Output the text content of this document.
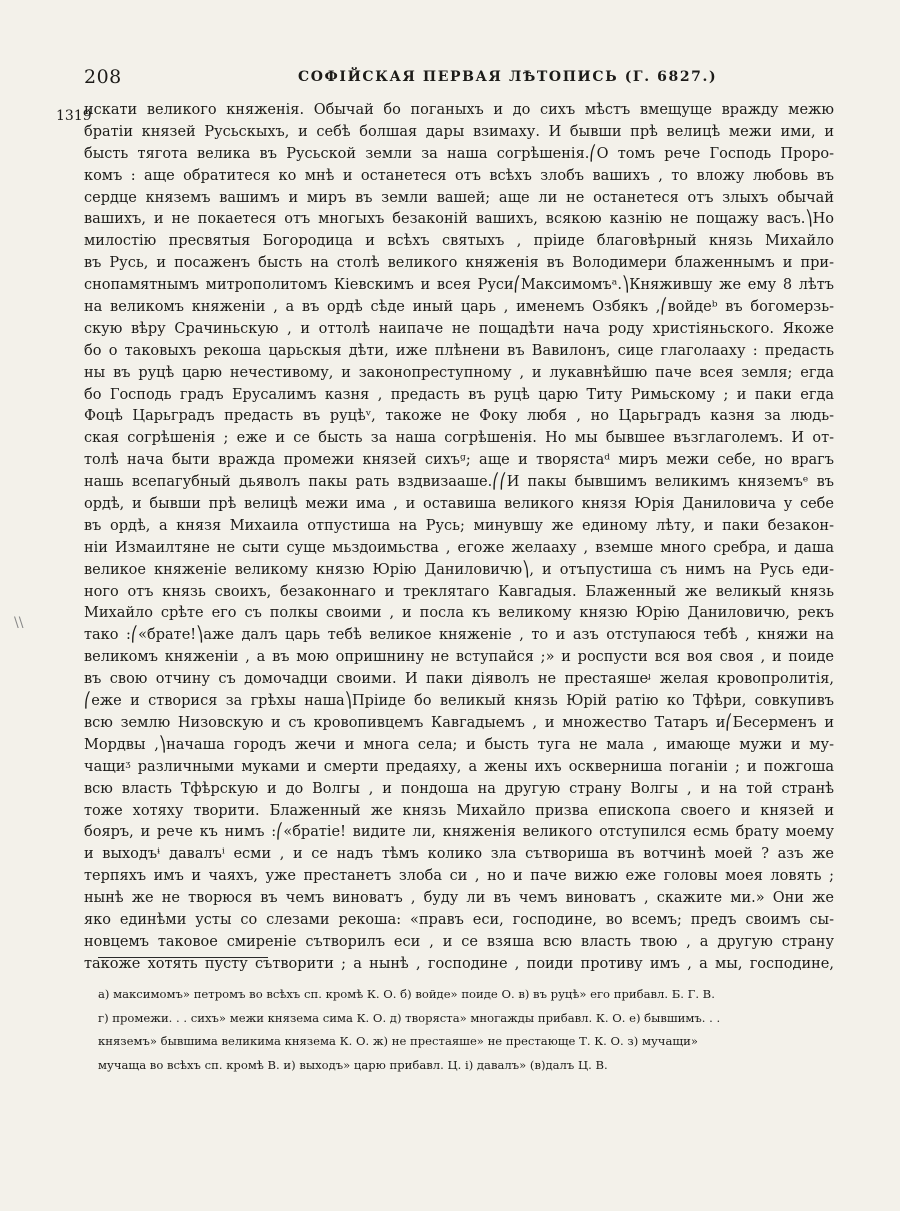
208	СОФІЙСКАЯ ПЕРВАЯ ЛѢТОПИСЬ (Г. 6827.)
1319
\\
искати великого княженія. Обычай бо поганыхъ и до сихъ мѣстъ вмещуще вражду межю
братіи князей Русьскыхъ, и себѣ болшая дары взимаху. И бывши прѣ велицѣ межи ими, и
бысть тягота велика въ Русьской земли за наша согрѣшенія.⎛О томъ рече Господь Проро-
комъ : аще обратитеся ко мнѣ и останетеся отъ всѣхъ злобъ вашихъ , то вложу любовь въ
сердце княземъ вашимъ и миръ въ земли вашей; аще ли не останетеся отъ злыхъ обычай
вашихъ, и не покаетеся отъ многыхъ безаконій вашихъ, всякою казнію не пощажу васъ.⎞Но
милостію пресвятыя Богородица и всѣхъ святыхъ , пріиде благовѣрный князь Михайло
въ Русь, и посаженъ бысть на столѣ великого княженія въ Володимери блаженнымъ и при-
снопамятнымъ митрополитомъ Кіевскимъ и всея Руси⎛Максимомъᵃ.⎞Княжившу же ему 8 лѣтъ
на великомъ княженіи , а въ ордѣ сѣде иный царь , именемъ Озбякъ ,⎛войдеᵇ въ богомерзь-
скую вѣру Срачиньскую , и оттолѣ наипаче не пощадѣти нача роду христіяньского. Якоже
бо о таковыхъ рекоша царьскыя дѣти, иже плѣнени въ Вавилонъ, сице глаголааху : предасть
ны въ руцѣ царю нечестивому, и законопреступному , и лукавнѣйшю паче всея земля; егда
бо Господь градъ Ерусалимъ казня , предасть въ руцѣ царю Титу Римьскому ; и паки егда
Фоцѣ Царьградъ предасть въ руцѣᵛ, такоже не Фоку любя , но Царьградъ казня за людь-
ская согрѣшенія ; еже и се бысть за наша согрѣшенія. Но мы бывшее възглаголемъ. И от-
толѣ нача быти вражда промежи князей сихъᵍ; аще и творястаᵈ миръ межи себе, но врагъ
нашь всепагубный дьяволъ пакы рать вздвизааше.⎛⎛И пакы бывшимъ великимъ княземъᵉ въ
ордѣ, и бывши прѣ велицѣ межи има , и оставиша великого князя Юрія Даниловича у себе
въ ордѣ, а князя Михаила отпустиша на Русь; минувшу же единому лѣту, и паки безакон-
ніи Измаилтяне не сыти суще мьздоимьства , егоже желааху , вземше много сребра, и даша
великое княженіе великому князю Юрію Даниловичю⎞, и отъпустиша съ нимъ на Русь еди-
ного отъ князь своихъ, безаконнаго и треклятаго Кавгадыя. Блаженный же великый князь
Михайло срѣте его съ полкы своими , и посла къ великому князю Юрію Даниловичю, рекъ
тако :⎛«брате!⎞аже далъ царь тебѣ великое княженіе , то и азъ отступаюся тебѣ , княжи на
великомъ княженіи , а въ мою опришнину не вступайся ;» и роспусти вся воя своя , и поиде
въ свою отчину съ домочадци своими. И паки діяволъ не престаяшеᶡ желая кровопролитія,
⎛еже и створися за грѣхы наша⎞Пріиде бо великый князь Юрій ратію ко Тфѣри, совкупивъ
всю землю Низовскую и съ кровопивцемъ Кавгадыемъ , и множество Татаръ и⎛Бесерменъ и
Мордвы ,⎞начаша городъ жечи и многа села; и бысть туга не мала , имающе мужи и му-
чащиᶾ различными муками и смерти предаяху, а жены ихъ оскверниша поганіи ; и пожгоша
всю власть Тфѣрскую и до Волгы , и пондоша на другую страну Волгы , и на той странѣ
тоже хотяху творити. Блаженный же князь Михайло призва епископа своего и князей и
бояръ, и рече къ нимъ :⎛«братіе! видите ли, княженія великого отступился есмь брату моему
и выходъᶤ давалъⁱ есми , и се надъ тѣмъ колико зла сътвориша въ вотчинѣ моей ? азъ же
терпяхъ имъ и чаяхъ, уже престанетъ злоба си , но и паче вижю еже головы моея ловять ;
нынѣ же не творюся въ чемъ виноватъ , буду ли въ чемъ виноватъ , скажите ми.» Они же
яко единѣми усты со слезами рекоша: «правъ еси, господине, во всемъ; предъ своимъ сы-
новцемъ таковое смиреніе сътворилъ еси , и се взяша всю власть твою , а другую страну
такоже хотять пусту сътворити ; а нынѣ , господине , поиди противу имъ , а мы, господине,
а) максимомъ» петромъ во всѣхъ сп. кромѣ К. О. б) войде» поиде О. в) въ руцѣ» его прибавл. Б. Г. В.
г) промежи. . . сихъ» межи князема сима К. О. д) творяста» многажды прибавл. К. О. е) бывшимъ. . .
княземъ» бывшима великима князема К. О. ж) не престаяше» не престающе Т. К. О. з) мучащи»
мучаща во всѣхъ сп. кромѣ В. и) выходъ» царю прибавл. Ц. і) давалъ» (в)далъ Ц. В.
